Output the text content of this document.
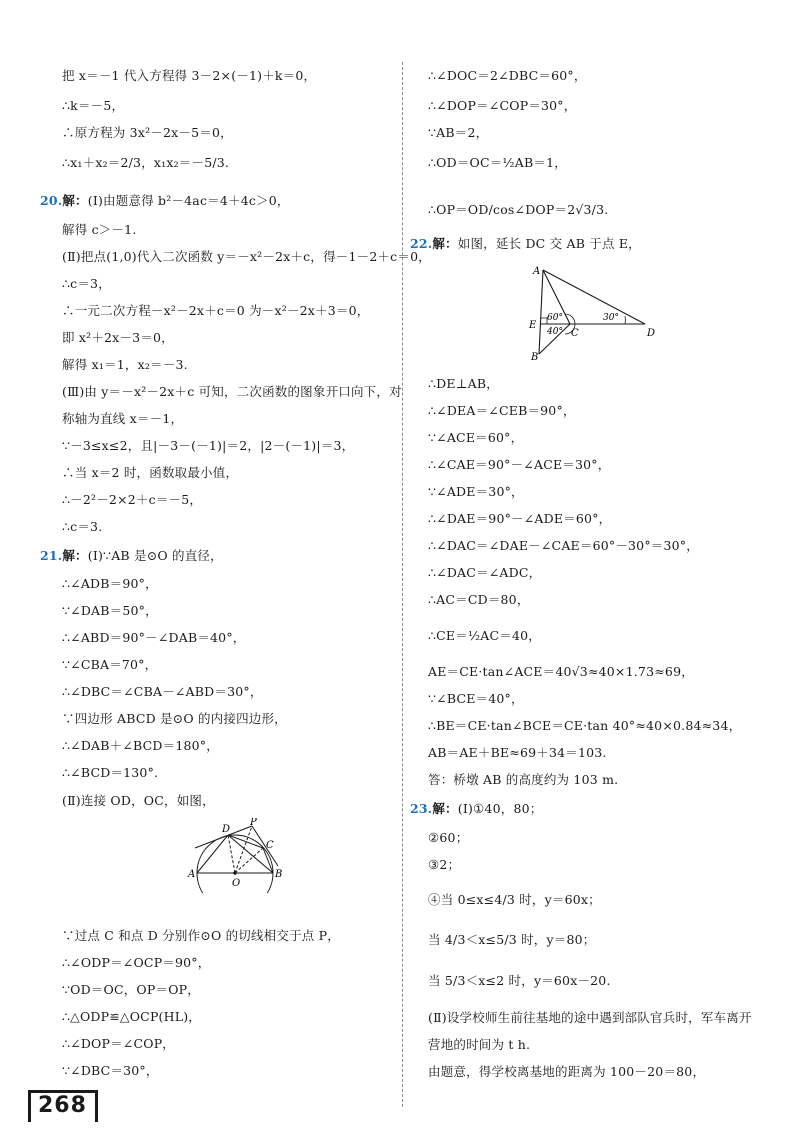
把 x＝－1 代入方程得 3－2×(－1)＋k＝0，
∴k＝－5，
∴原方程为 3x²－2x－5＝0，
∴x₁＋x₂＝2/3，x₁x₂＝－5/3.
20.解：(Ⅰ)由题意得 b²－4ac＝4＋4c＞0，
解得 c＞－1.
(Ⅱ)把点(1,0)代入二次函数 y＝－x²－2x＋c，得－1－2＋c＝0，
∴c＝3，
∴一元二次方程－x²－2x＋c＝0 为－x²－2x＋3＝0，
即 x²＋2x－3＝0，
解得 x₁＝1，x₂＝－3.
(Ⅲ)由 y＝－x²－2x＋c 可知，二次函数的图象开口向下，对
称轴为直线 x＝－1，
∵－3≤x≤2，且|－3－(－1)|＝2，|2－(－1)|＝3，
∴当 x＝2 时，函数取最小值，
∴－2²－2×2＋c＝－5，
∴c＝3.
21.解：(Ⅰ)∵AB 是⊙O 的直径，
∴∠ADB＝90°，
∵∠DAB＝50°，
∴∠ABD＝90°－∠DAB＝40°，
∵∠CBA＝70°，
∴∠DBC＝∠CBA－∠ABD＝30°，
∵四边形 ABCD 是⊙O 的内接四边形，
∴∠DAB＋∠BCD＝180°，
∴∠BCD＝130°.
(Ⅱ)连接 OD，OC，如图，
A	B
O
C
D
P
∵过点 C 和点 D 分别作⊙O 的切线相交于点 P，
∴∠ODP＝∠OCP＝90°，
∵OD＝OC，OP＝OP，
∴△ODP≌△OCP(HL)，
∴∠DOP＝∠COP，
∵∠DBC＝30°，
∴∠DOC＝2∠DBC＝60°，
∴∠DOP＝∠COP＝30°，
∵AB＝2，
∴OD＝OC＝½AB＝1，
∴OP＝OD/cos∠DOP＝2√3/3.
22.解：如图，延长 DC 交 AB 于点 E，
A
B
E
C	D
60°
40°
30°
∴DE⊥AB，
∴∠DEA＝∠CEB＝90°，
∵∠ACE＝60°，
∴∠CAE＝90°－∠ACE＝30°，
∵∠ADE＝30°，
∴∠DAE＝90°－∠ADE＝60°，
∴∠DAC＝∠DAE－∠CAE＝60°－30°＝30°，
∴∠DAC＝∠ADC，
∴AC＝CD＝80，
∴CE＝½AC＝40，
AE＝CE·tan∠ACE＝40√3≈40×1.73≈69，
∵∠BCE＝40°，
∴BE＝CE·tan∠BCE＝CE·tan 40°≈40×0.84≈34，
AB＝AE＋BE≈69＋34＝103.
答：桥墩 AB 的高度约为 103 m.
23.解：(Ⅰ)①40，80；
②60；
③2；
④当 0≤x≤4/3 时，y＝60x；
当 4/3＜x≤5/3 时，y＝80；
当 5/3＜x≤2 时，y＝60x－20.
(Ⅱ)设学校师生前往基地的途中遇到部队官兵时，军车离开
营地的时间为 t h.
由题意，得学校离基地的距离为 100－20＝80，
268
